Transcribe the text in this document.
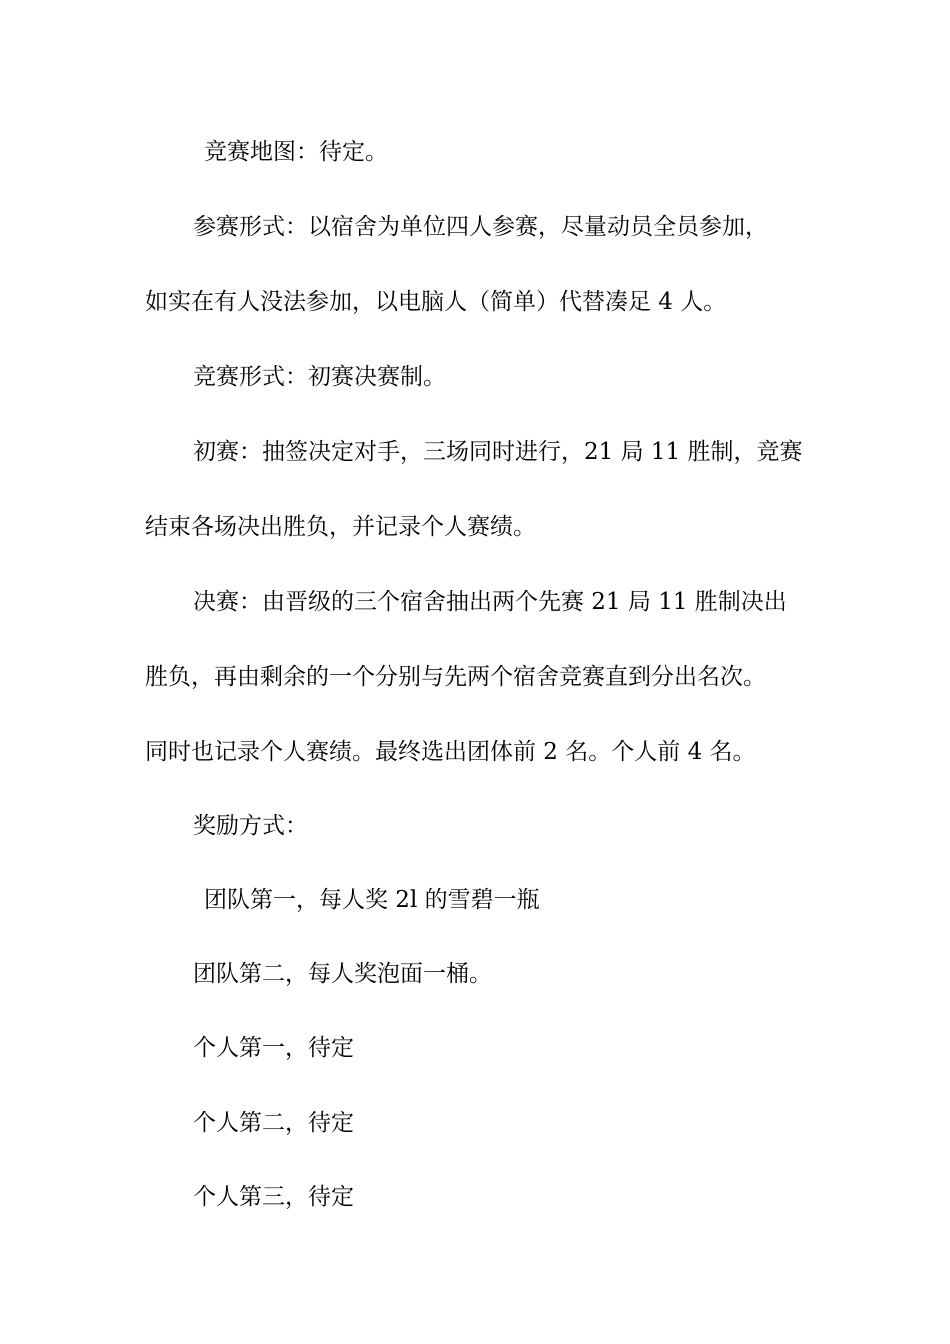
竞赛地图：待定。
参赛形式：以宿舍为单位四人参赛，尽量动员全员参加，
如实在有人没法参加，以电脑人（简单）代替凑足 4 人。
竞赛形式：初赛决赛制。
初赛：抽签决定对手，三场同时进行，21 局 11 胜制，竞赛
结束各场决出胜负，并记录个人赛绩。
决赛：由晋级的三个宿舍抽出两个先赛 21 局 11 胜制决出
胜负，再由剩余的一个分别与先两个宿舍竞赛直到分出名次。
同时也记录个人赛绩。最终选出团体前 2 名。个人前 4 名。
奖励方式：
团队第一，每人奖 2l 的雪碧一瓶
团队第二，每人奖泡面一桶。
个人第一，待定
个人第二，待定
个人第三，待定
